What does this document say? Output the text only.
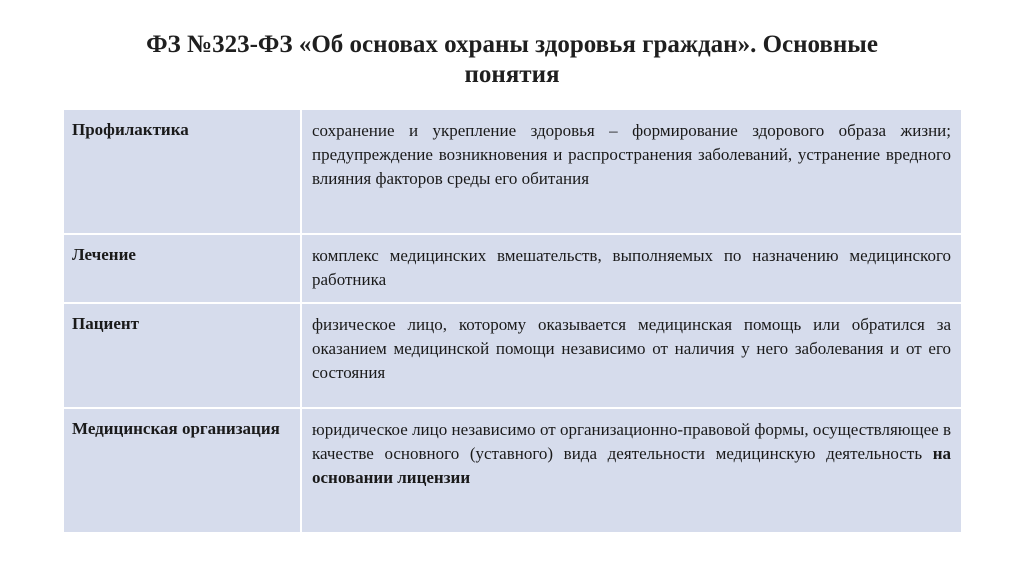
ФЗ №323-ФЗ «Об основах охраны здоровья граждан». Основные
понятия
Профилактика	сохранение и укрепление здоровья – формирование здорового образа жизни; предупреждение возникновения и распространения заболеваний, устранение вредного влияния факторов среды его обитания
Лечение	комплекс медицинских вмешательств, выполняемых по назначению медицинского работника
Пациент	физическое лицо, которому оказывается медицинская помощь или обратился за оказанием медицинской помощи независимо от наличия у него заболевания и от его состояния
Медицинская организация	юридическое лицо независимо от организационно-правовой формы, осуществляющее в качестве основного (уставного) вида деятельности медицинскую деятельность на основании лицензии
